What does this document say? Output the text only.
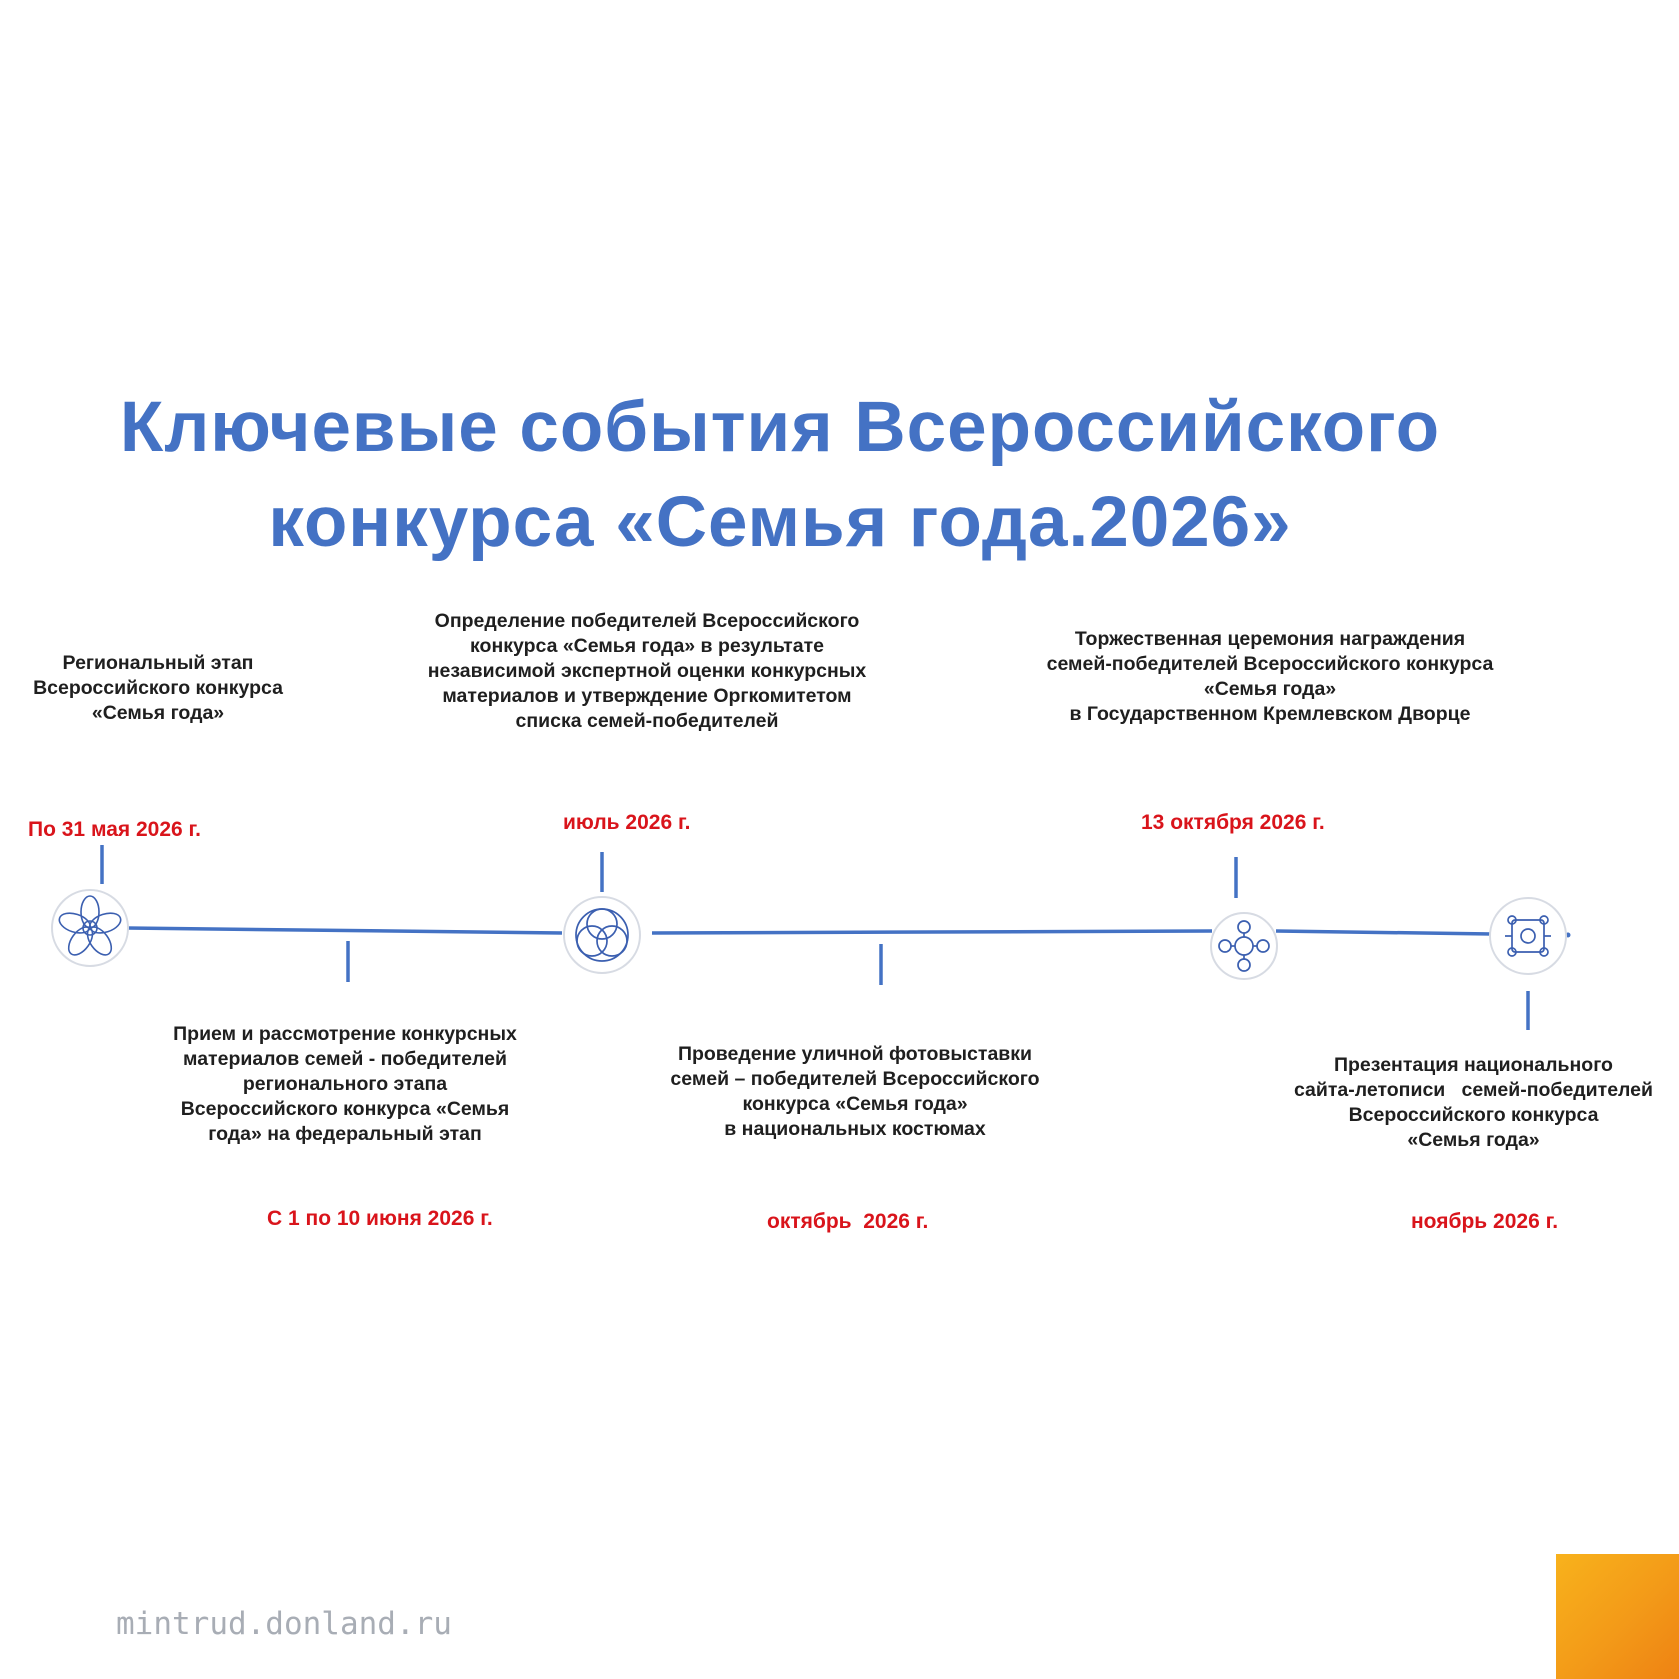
Ключевые события Всероссийского
конкурса «Семья года.2026»
Региональный этап
Всероссийского конкурса
«Семья года»
По 31 мая 2026 г.
Прием и рассмотрение конкурсных
материалов семей - победителей
регионального этапа
Всероссийского конкурса «Семья
года» на федеральный этап
С 1 по 10 июня 2026 г.
Определение победителей Всероссийского
конкурса «Семья года» в результате
независимой экспертной оценки конкурсных
материалов и утверждение Оргкомитетом
списка семей-победителей
июль 2026 г.
Проведение уличной фотовыставки
семей – победителей Всероссийского
конкурса «Семья года»
в национальных костюмах
октябрь  2026 г.
Торжественная церемония награждения
семей-победителей Всероссийского конкурса
«Семья года»
в Государственном Кремлевском Дворце
13 октября 2026 г.
Презентация национального
сайта-летописи   семей-победителей
Всероссийского конкурса
«Семья года»
ноябрь 2026 г.
mintrud.donland.ru
